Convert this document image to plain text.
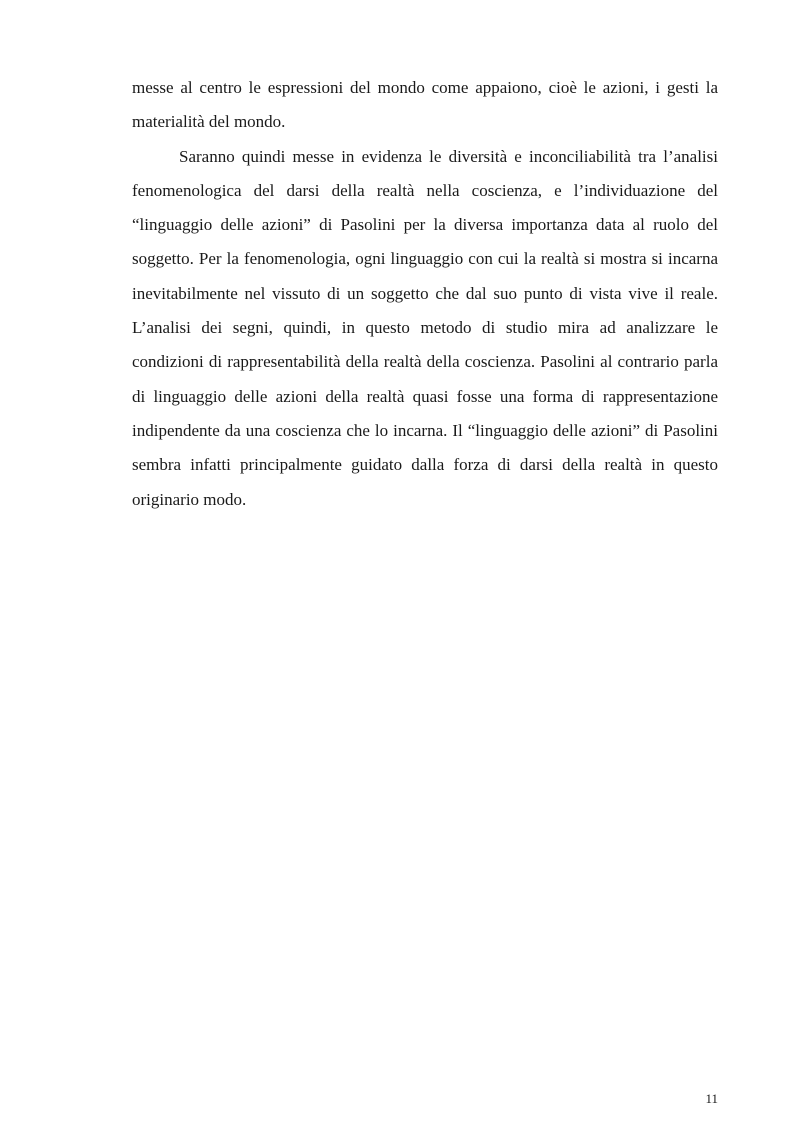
messe al centro le espressioni del mondo come appaiono, cioè le azioni, i gesti la materialità del mondo.

Saranno quindi messe in evidenza le diversità e inconciliabilità tra l’analisi fenomenologica del darsi della realtà nella coscienza, e l’individuazione del “linguaggio delle azioni” di Pasolini per la diversa importanza data al ruolo del soggetto. Per la fenomenologia, ogni linguaggio con cui la realtà si mostra si incarna inevitabilmente nel vissuto di un soggetto che dal suo punto di vista vive il reale. L’analisi dei segni, quindi, in questo metodo di studio mira ad analizzare le condizioni di rappresentabilità della realtà della coscienza. Pasolini al contrario parla di linguaggio delle azioni della realtà quasi fosse una forma di rappresentazione indipendente da una coscienza che lo incarna. Il “linguaggio delle azioni” di Pasolini sembra infatti principalmente guidato dalla forza di darsi della realtà in questo originario modo.

11
